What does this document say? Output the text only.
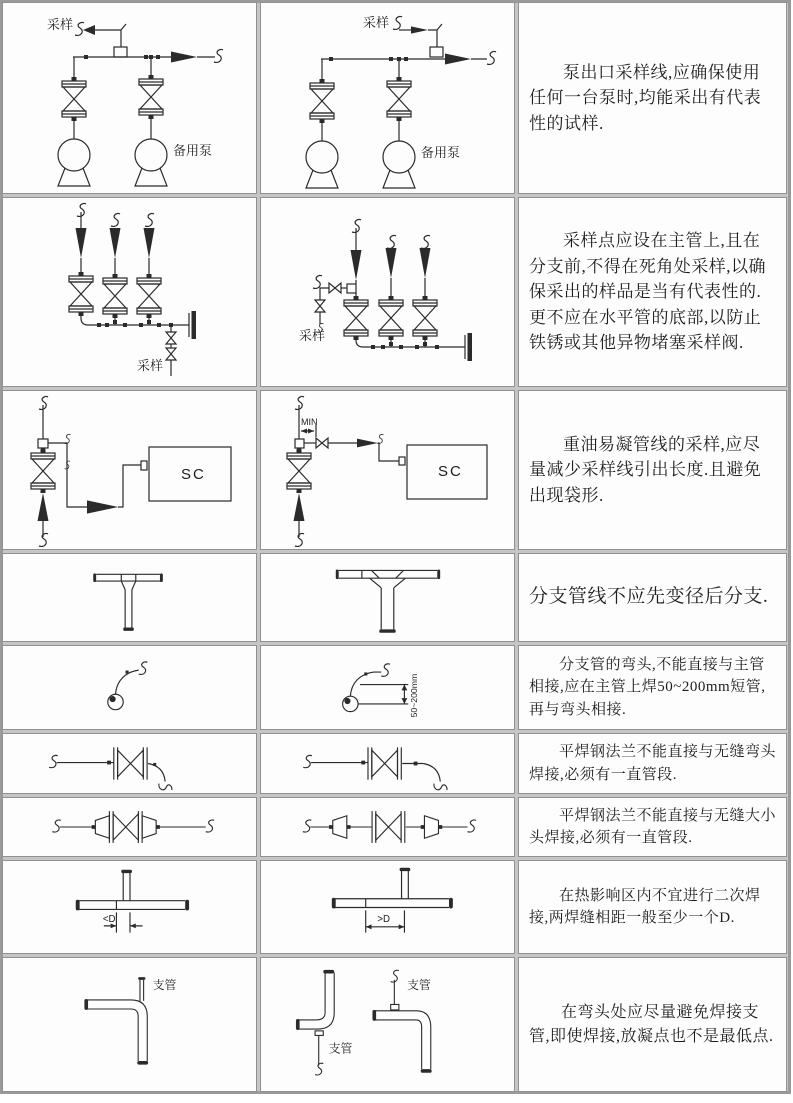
采样
备用泵
采样
备用泵

泵出口采样线,应确保使用任何一台泵时,均能采出有代表性的试样.

采样
采样

采样点应设在主管上,且在分支前,不得在死角处采样,以确保采出的样品是当有代表性的.更不应在水平管的底部,以防止铁锈或其他异物堵塞采样阀.

SC
MIN
SC

重油易凝管线的采样,应尽量减少采样线引出长度.且避免出现袋形.

分支管线不应先变径后分支.

50~200mm

分支管的弯头,不能直接与主管相接,应在主管上焊50~200mm短管,再与弯头相接.

平焊钢法兰不能直接与无缝弯头焊接,必须有一直管段.

平焊钢法兰不能直接与无缝大小头焊接,必须有一直管段.

<D	>D

在热影响区内不宜进行二次焊接,两焊缝相距一般至少一个D.

支管
支管
支管

在弯头处应尽量避免焊接支管,即使焊接,放凝点也不是最低点.
